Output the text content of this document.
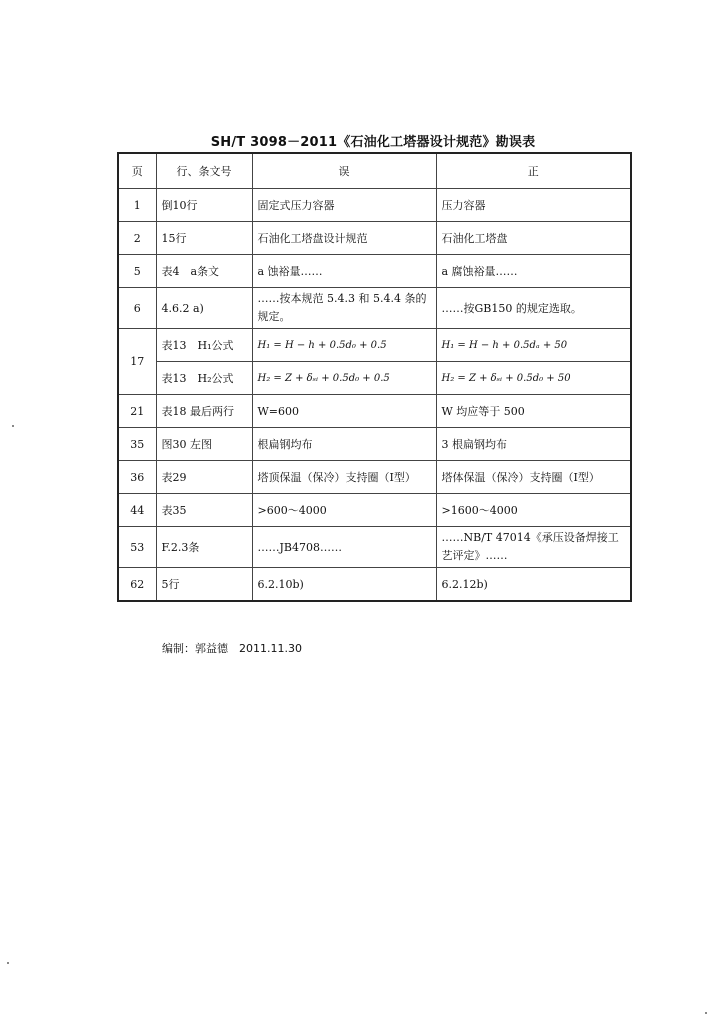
SH/T 3098－2011《石油化工塔器设计规范》勘误表
页	行、条文号	误	正
1	倒10行	固定式压力容器	压力容器
2	15行	石油化工塔盘设计规范	石油化工塔盘
5	表4　a条文	a 蚀裕量……	a 腐蚀裕量……
6	4.6.2 a)	……按本规范 5.4.3 和 5.4.4 条的规定。	……按GB150 的规定选取。
17	表13　H₁公式	H₁ = H − h + 0.5d₀ + 0.5	H₁ = H − h + 0.5dₐ + 50
	表13　H₂公式	H₂ = Z + δₛᵢ + 0.5d₀ + 0.5	H₂ = Z + δₛᵢ + 0.5d₀ + 50
21	表18 最后两行	W=600	W 均应等于 500
35	图30 左图	根扁钢均布	3 根扁钢均布
36	表29	塔顶保温（保冷）支持圈（Ⅰ型）	塔体保温（保冷）支持圈（Ⅰ型）
44	表35	>600～4000	>1600～4000
53	F.2.3条	……JB4708……	……NB/T 47014《承压设备焊接工艺评定》……
62	5行	6.2.10b)	6.2.12b)
编制：郭益德　2011.11.30
